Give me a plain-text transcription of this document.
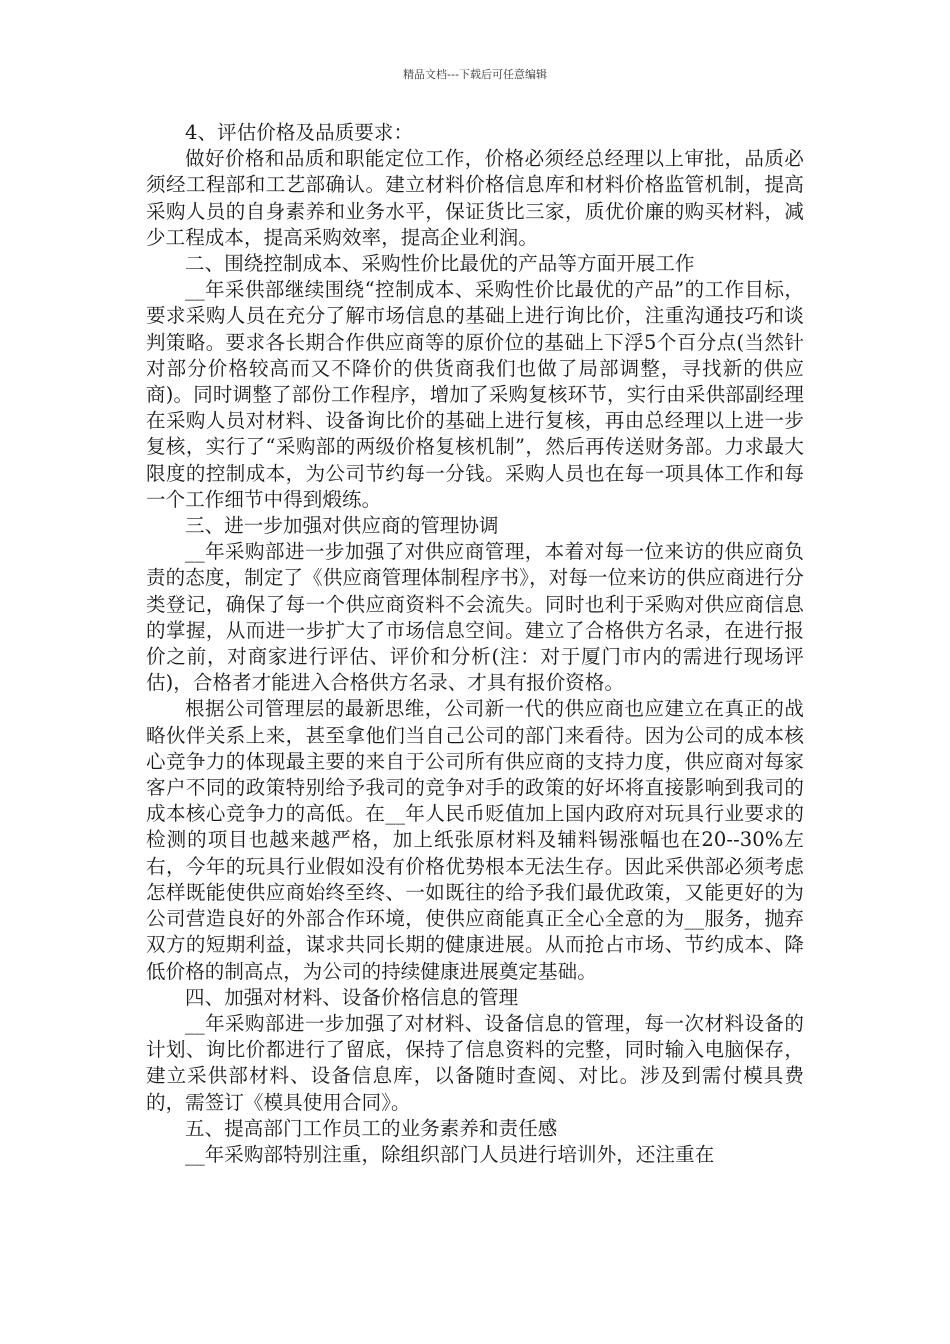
精品文档---下载后可任意编辑

4、评估价格及品质要求：

做好价格和品质和职能定位工作，价格必须经总经理以上审批，品质必须经工程部和工艺部确认。建立材料价格信息库和材料价格监管机制，提高采购人员的自身素养和业务水平，保证货比三家，质优价廉的购买材料，减少工程成本，提高采购效率，提高企业利润。

二、围绕控制成本、采购性价比最优的产品等方面开展工作

__年采供部继续围绕“控制成本、采购性价比最优的产品”的工作目标，要求采购人员在充分了解市场信息的基础上进行询比价，注重沟通技巧和谈判策略。要求各长期合作供应商等的原价位的基础上下浮5个百分点(当然针对部分价格较高而又不降价的供货商我们也做了局部调整，寻找新的供应商)。同时调整了部份工作程序，增加了采购复核环节，实行由采供部副经理在采购人员对材料、设备询比价的基础上进行复核，再由总经理以上进一步复核，实行了“采购部的两级价格复核机制”，然后再传送财务部。力求最大限度的控制成本，为公司节约每一分钱。采购人员也在每一项具体工作和每一个工作细节中得到煅练。

三、进一步加强对供应商的管理协调

__年采购部进一步加强了对供应商管理，本着对每一位来访的供应商负责的态度，制定了《供应商管理体制程序书》，对每一位来访的供应商进行分类登记，确保了每一个供应商资料不会流失。同时也利于采购对供应商信息的掌握，从而进一步扩大了市场信息空间。建立了合格供方名录，在进行报价之前，对商家进行评估、评价和分析(注：对于厦门市内的需进行现场评估)，合格者才能进入合格供方名录、才具有报价资格。

根据公司管理层的最新思维，公司新一代的供应商也应建立在真正的战略伙伴关系上来，甚至拿他们当自己公司的部门来看待。因为公司的成本核心竞争力的体现最主要的来自于公司所有供应商的支持力度，供应商对每家客户不同的政策特别给予我司的竞争对手的政策的好坏将直接影响到我司的成本核心竞争力的高低。在__年人民币贬值加上国内政府对玩具行业要求的检测的项目也越来越严格，加上纸张原材料及辅料锡涨幅也在20--30%左右，今年的玩具行业假如没有价格优势根本无法生存。因此采供部必须考虑怎样既能使供应商始终至终、一如既往的给予我们最优政策，又能更好的为公司营造良好的外部合作环境，使供应商能真正全心全意的为__服务，抛弃双方的短期利益，谋求共同长期的健康进展。从而抢占市场、节约成本、降低价格的制高点，为公司的持续健康进展奠定基础。

四、加强对材料、设备价格信息的管理

__年采购部进一步加强了对材料、设备信息的管理，每一次材料设备的计划、询比价都进行了留底，保持了信息资料的完整，同时输入电脑保存，建立采供部材料、设备信息库，以备随时查阅、对比。涉及到需付模具费的，需签订《模具使用合同》。

五、提高部门工作员工的业务素养和责任感

__年采购部特别注重，除组织部门人员进行培训外，还注重在
